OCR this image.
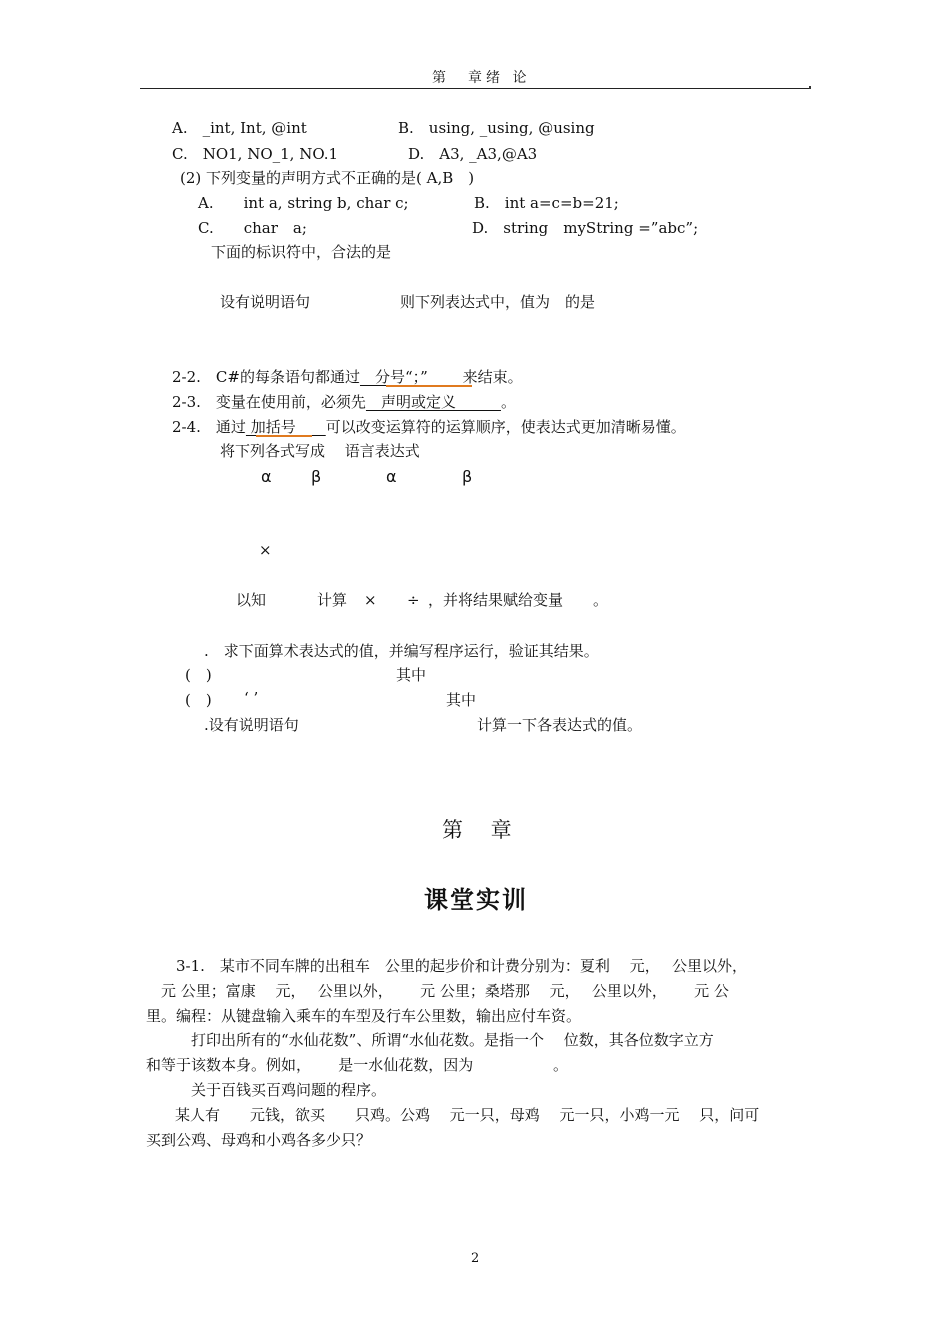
第　章绪 论
A.　_int, Int, @int	B.　using, _using, @using
C.　NO1, NO_1, NO.1	D.　A3, _A3,@A3
(2) 下列变量的声明方式不正确的是( A,B　)
A.　　int a, string b, char c;	B.　int a=c=b=21;
C.　　char　a;	D.　string　myString =”abc”;
下面的标识符中，合法的是
设有说明语句	则下列表达式中，值为　的是
2-2.　C#的每条语句都通过　分号“；”　　 来结束。
2-3.　变量在使用前，必须先　声明或定义　　　。
2-4.　通过 加括号　　可以改变运算符的运算顺序，使表达式更加清晰易懂。
将下列各式写成　 语言表达式
α β	α	β
×
以知	计算 × ÷ ，并将结果赋给变量 。
.　求下面算术表达式的值，并编写程序运行，验证其结果。
(　)	其中
(　) ‘ ’	其中
.设有说明语句	计算一下各表达式的值。
第　 章
课堂实训
3-1.　某市不同车牌的出租车　公里的起步价和计费分别为：夏利　 元，　 公里以外，
　元 公里；富康　 元，　 公里以外，　　 元 公里；桑塔那　 元，　 公里以外，　　 元 公
里。编程：从键盘输入乘车的车型及行车公里数，输出应付车资。
　　　打印出所有的“水仙花数”、所谓“水仙花数。是指一个　 位数，其各位数字立方
和等于该数本身。例如，　　 是一水仙花数，因为　　　　　 。
　　　关于百钱买百鸡问题的程序。
　某人有　　元钱，欲买　　只鸡。公鸡　 元一只，母鸡　 元一只，小鸡一元　 只，问可
买到公鸡、母鸡和小鸡各多少只？
2
